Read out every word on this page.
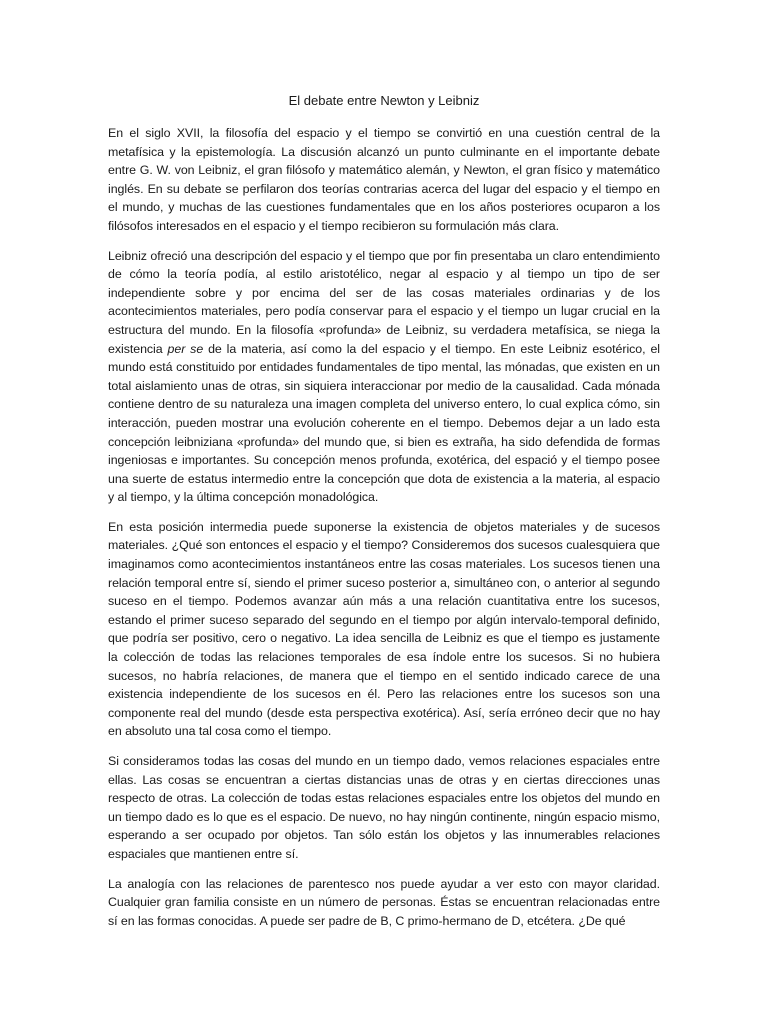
El debate entre Newton y Leibniz

En el siglo XVII, la filosofía del espacio y el tiempo se convirtió en una cuestión central de la metafísica y la epistemología. La discusión alcanzó un punto culminante en el importante debate entre G. W. von Leibniz, el gran filósofo y matemático alemán, y Newton, el gran físico y matemático inglés. En su debate se perfilaron dos teorías contrarias acerca del lugar del espacio y el tiempo en el mundo, y muchas de las cuestiones fundamentales que en los años posteriores ocuparon a los filósofos interesados en el espacio y el tiempo recibieron su formulación más clara.

Leibniz ofreció una descripción del espacio y el tiempo que por fin presentaba un claro entendimiento de cómo la teoría podía, al estilo aristotélico, negar al espacio y al tiempo un tipo de ser independiente sobre y por encima del ser de las cosas materiales ordinarias y de los acontecimientos materiales, pero podía conservar para el espacio y el tiempo un lugar crucial en la estructura del mundo. En la filosofía «profunda» de Leibniz, su verdadera metafísica, se niega la existencia per se de la materia, así como la del espacio y el tiempo. En este Leibniz esotérico, el mundo está constituido por entidades fundamentales de tipo mental, las mónadas, que existen en un total aislamiento unas de otras, sin siquiera interaccionar por medio de la causalidad. Cada mónada contiene dentro de su naturaleza una imagen completa del universo entero, lo cual explica cómo, sin interacción, pueden mostrar una evolución coherente en el tiempo. Debemos dejar a un lado esta concepción leibniziana «profunda» del mundo que, si bien es extraña, ha sido defendida de formas ingeniosas e importantes. Su concepción menos profunda, exotérica, del espació y el tiempo posee una suerte de estatus intermedio entre la concepción que dota de existencia a la materia, al espacio y al tiempo, y la última concepción monadológica.

En esta posición intermedia puede suponerse la existencia de objetos materiales y de sucesos materiales. ¿Qué son entonces el espacio y el tiempo? Consideremos dos sucesos cualesquiera que imaginamos como acontecimientos instantáneos entre las cosas materiales. Los sucesos tienen una relación temporal entre sí, siendo el primer suceso posterior a, simultáneo con, o anterior al segundo suceso en el tiempo. Podemos avanzar aún más a una relación cuantitativa entre los sucesos, estando el primer suceso separado del segundo en el tiempo por algún intervalo-temporal definido, que podría ser positivo, cero o negativo. La idea sencilla de Leibniz es que el tiempo es justamente la colección de todas las relaciones temporales de esa índole entre los sucesos. Si no hubiera sucesos, no habría relaciones, de manera que el tiempo en el sentido indicado carece de una existencia independiente de los sucesos en él. Pero las relaciones entre los sucesos son una componente real del mundo (desde esta perspectiva exotérica). Así, sería erróneo decir que no hay en absoluto una tal cosa como el tiempo.

Si consideramos todas las cosas del mundo en un tiempo dado, vemos relaciones espaciales entre ellas. Las cosas se encuentran a ciertas distancias unas de otras y en ciertas direcciones unas respecto de otras. La colección de todas estas relaciones espaciales entre los objetos del mundo en un tiempo dado es lo que es el espacio. De nuevo, no hay ningún continente, ningún espacio mismo, esperando a ser ocupado por objetos. Tan sólo están los objetos y las innumerables relaciones espaciales que mantienen entre sí.

La analogía con las relaciones de parentesco nos puede ayudar a ver esto con mayor claridad. Cualquier gran familia consiste en un número de personas. Éstas se encuentran relacionadas entre sí en las formas conocidas. A puede ser padre de B, C primo-hermano de D, etcétera. ¿De qué
